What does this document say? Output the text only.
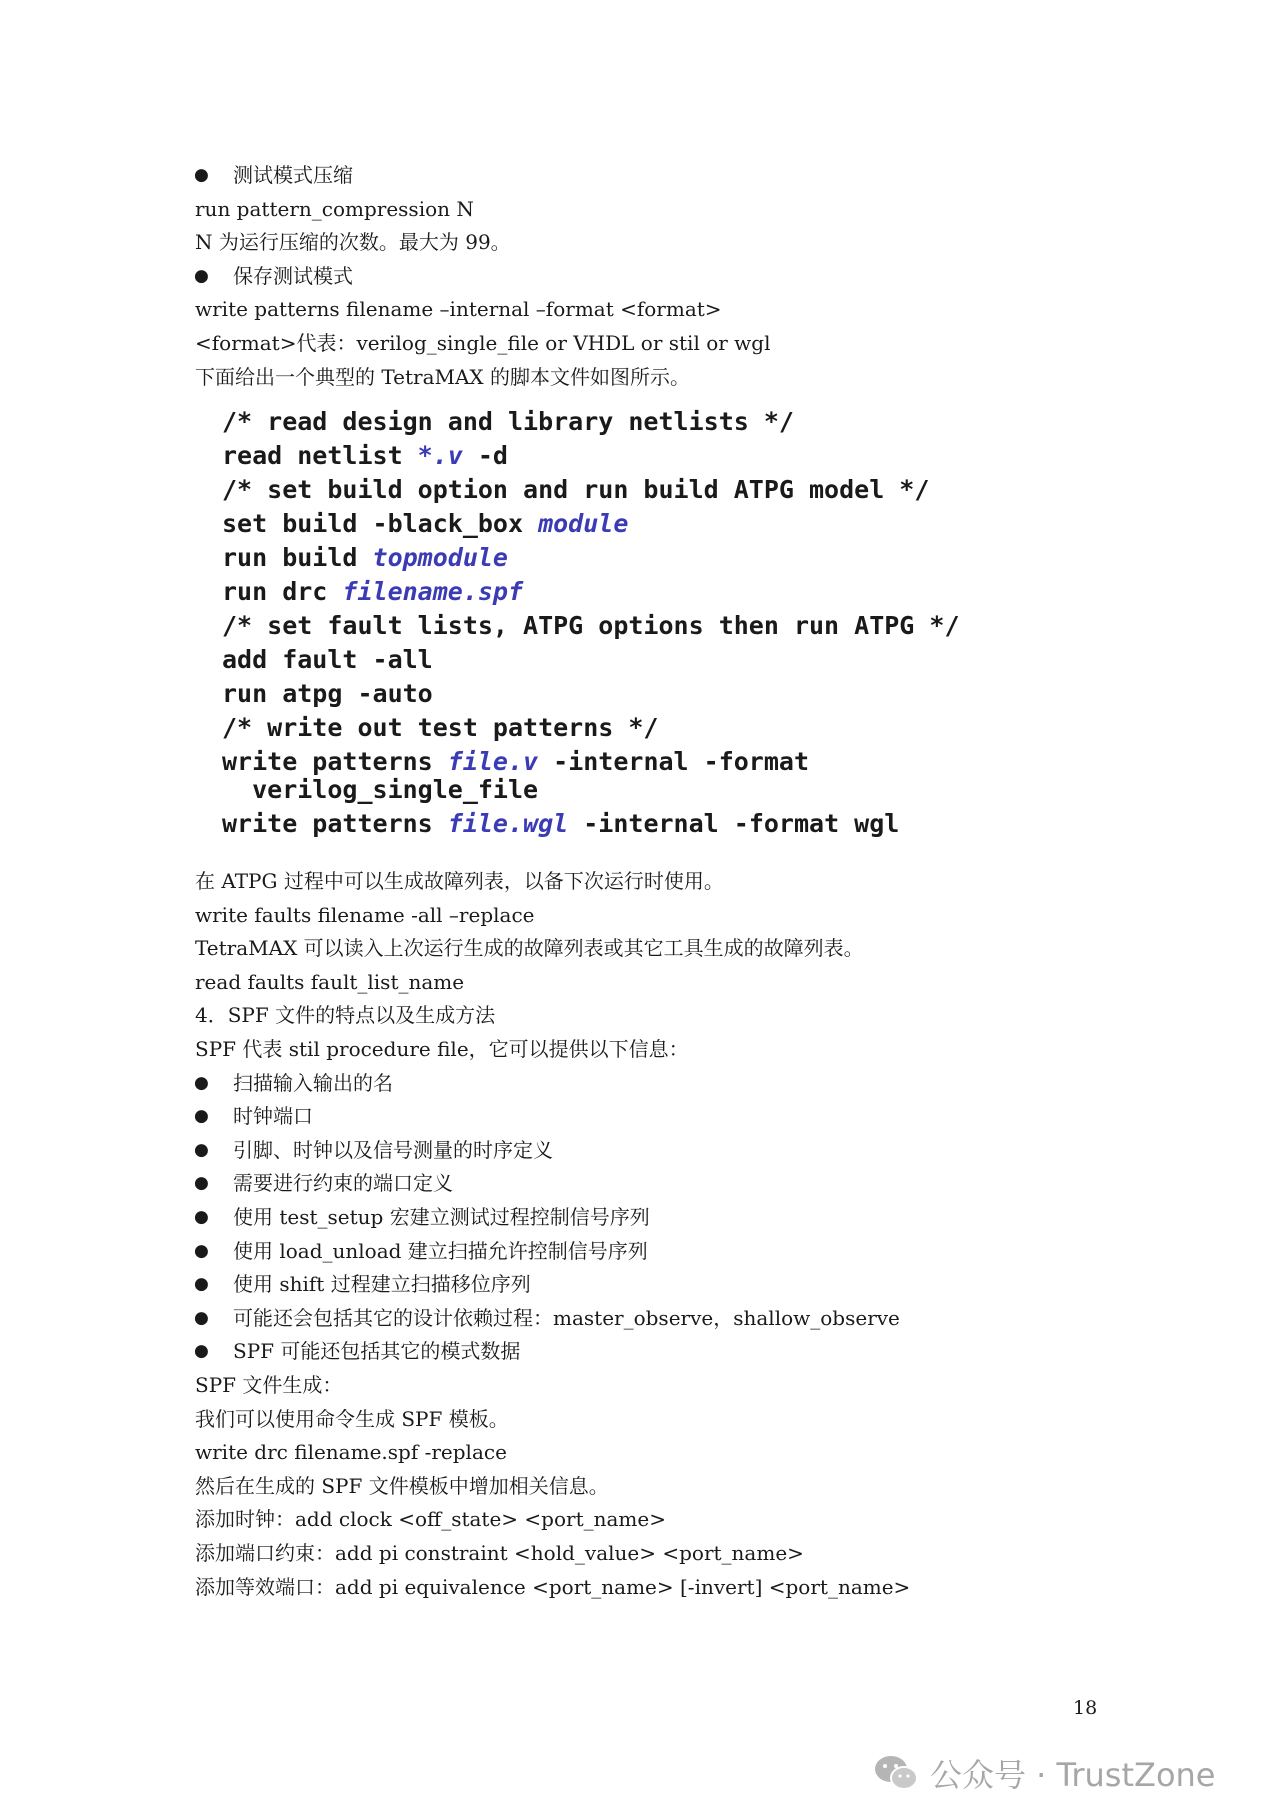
● 测试模式压缩
run pattern_compression N
N 为运行压缩的次数。最大为 99。
● 保存测试模式
write patterns filename –internal –format <format>
<format>代表：verilog_single_file or VHDL or stil or wgl
下面给出一个典型的 TetraMAX 的脚本文件如图所示。
/* read design and library netlists */
read netlist *.v -d
/* set build option and run build ATPG model */
set build -black_box module
run build topmodule
run drc filename.spf
/* set fault lists, ATPG options then run ATPG */
add fault -all
run atpg -auto
/* write out test patterns */
write patterns file.v -internal -format
verilog_single_file
write patterns file.wgl -internal -format wgl
在 ATPG 过程中可以生成故障列表，以备下次运行时使用。
write faults filename -all –replace
TetraMAX 可以读入上次运行生成的故障列表或其它工具生成的故障列表。
read faults fault_list_name
4．SPF 文件的特点以及生成方法
SPF 代表 stil procedure file，它可以提供以下信息：
● 扫描输入输出的名
● 时钟端口
● 引脚、时钟以及信号测量的时序定义
● 需要进行约束的端口定义
● 使用 test_setup 宏建立测试过程控制信号序列
● 使用 load_unload 建立扫描允许控制信号序列
● 使用 shift 过程建立扫描移位序列
● 可能还会包括其它的设计依赖过程：master_observe，shallow_observe
● SPF 可能还包括其它的模式数据
SPF 文件生成：
我们可以使用命令生成 SPF 模板。
write drc filename.spf -replace
然后在生成的 SPF 文件模板中增加相关信息。
添加时钟：add clock <off_state> <port_name>
添加端口约束：add pi constraint <hold_value> <port_name>
添加等效端口：add pi equivalence <port_name> [-invert] <port_name>
18
公众号 · TrustZone
